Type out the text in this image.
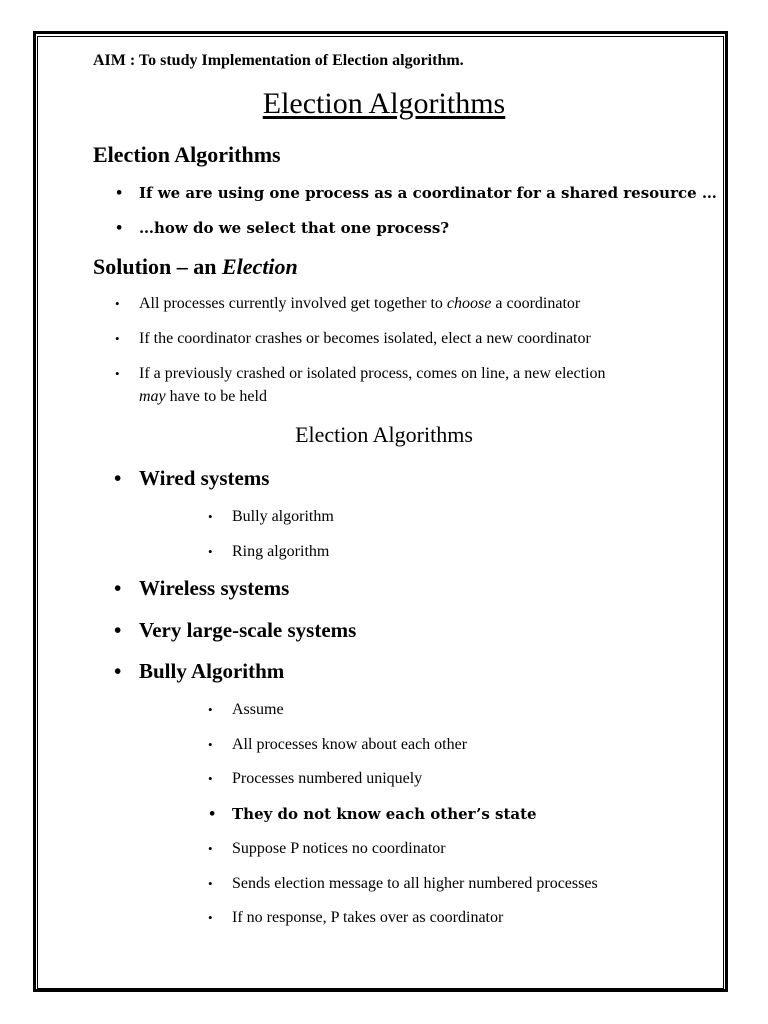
AIM : To study Implementation of Election algorithm.
Election Algorithms
Election Algorithms
• If we are using one process as a coordinator for a shared resource …
• …how do we select that one process?
Solution – an Election
• All processes currently involved get together to choose a coordinator
• If the coordinator crashes or becomes isolated, elect a new coordinator
• If a previously crashed or isolated process, comes on line, a new election
may have to be held
Election Algorithms
• Wired systems
• Bully algorithm
• Ring algorithm
• Wireless systems
• Very large-scale systems
• Bully Algorithm
• Assume
• All processes know about each other
• Processes numbered uniquely
• They do not know each other’s state
• Suppose P notices no coordinator
• Sends election message to all higher numbered processes
• If no response, P takes over as coordinator
